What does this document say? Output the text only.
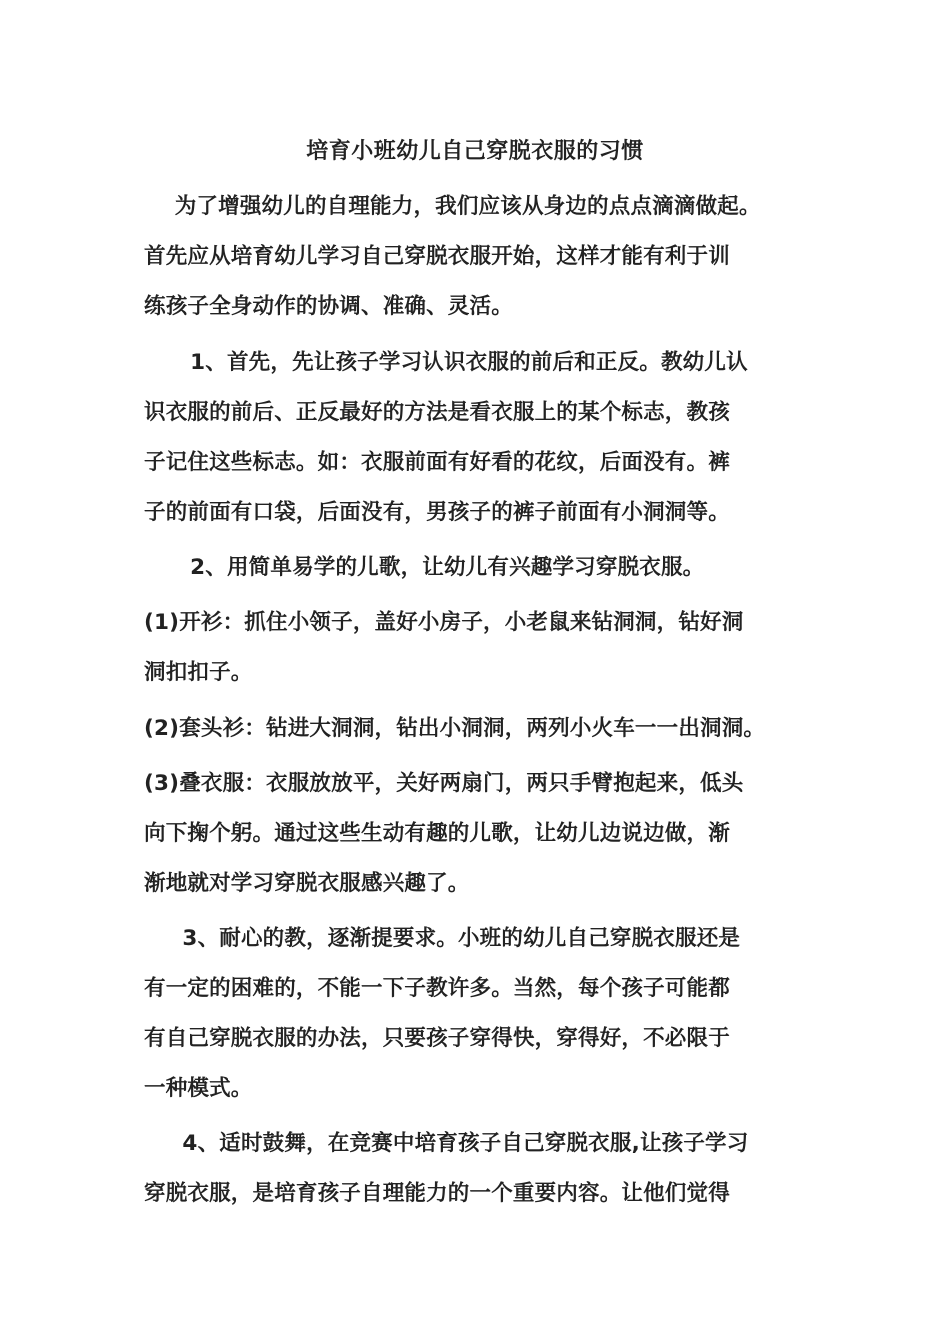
培育小班幼儿自己穿脱衣服的习惯
为了增强幼儿的自理能力，我们应该从身边的点点滴滴做起。
首先应从培育幼儿学习自己穿脱衣服开始，这样才能有利于训
练孩子全身动作的协调、准确、灵活。
1、首先，先让孩子学习认识衣服的前后和正反。教幼儿认
识衣服的前后、正反最好的方法是看衣服上的某个标志，教孩
子记住这些标志。如：衣服前面有好看的花纹，后面没有。裤
子的前面有口袋，后面没有，男孩子的裤子前面有小洞洞等。
2、用简单易学的儿歌，让幼儿有兴趣学习穿脱衣服。
(1)开衫：抓住小领子，盖好小房子，小老鼠来钻洞洞，钻好洞
洞扣扣子。
(2)套头衫：钻进大洞洞，钻出小洞洞，两列小火车一一出洞洞。
(3)叠衣服：衣服放放平，关好两扇门，两只手臂抱起来，低头
向下掬个躬。通过这些生动有趣的儿歌，让幼儿边说边做，渐
渐地就对学习穿脱衣服感兴趣了。
3、耐心的教，逐渐提要求。小班的幼儿自己穿脱衣服还是
有一定的困难的，不能一下子教许多。当然，每个孩子可能都
有自己穿脱衣服的办法，只要孩子穿得快，穿得好，不必限于
一种模式。
4、适时鼓舞，在竞赛中培育孩子自己穿脱衣服,让孩子学习
穿脱衣服，是培育孩子自理能力的一个重要内容。让他们觉得
